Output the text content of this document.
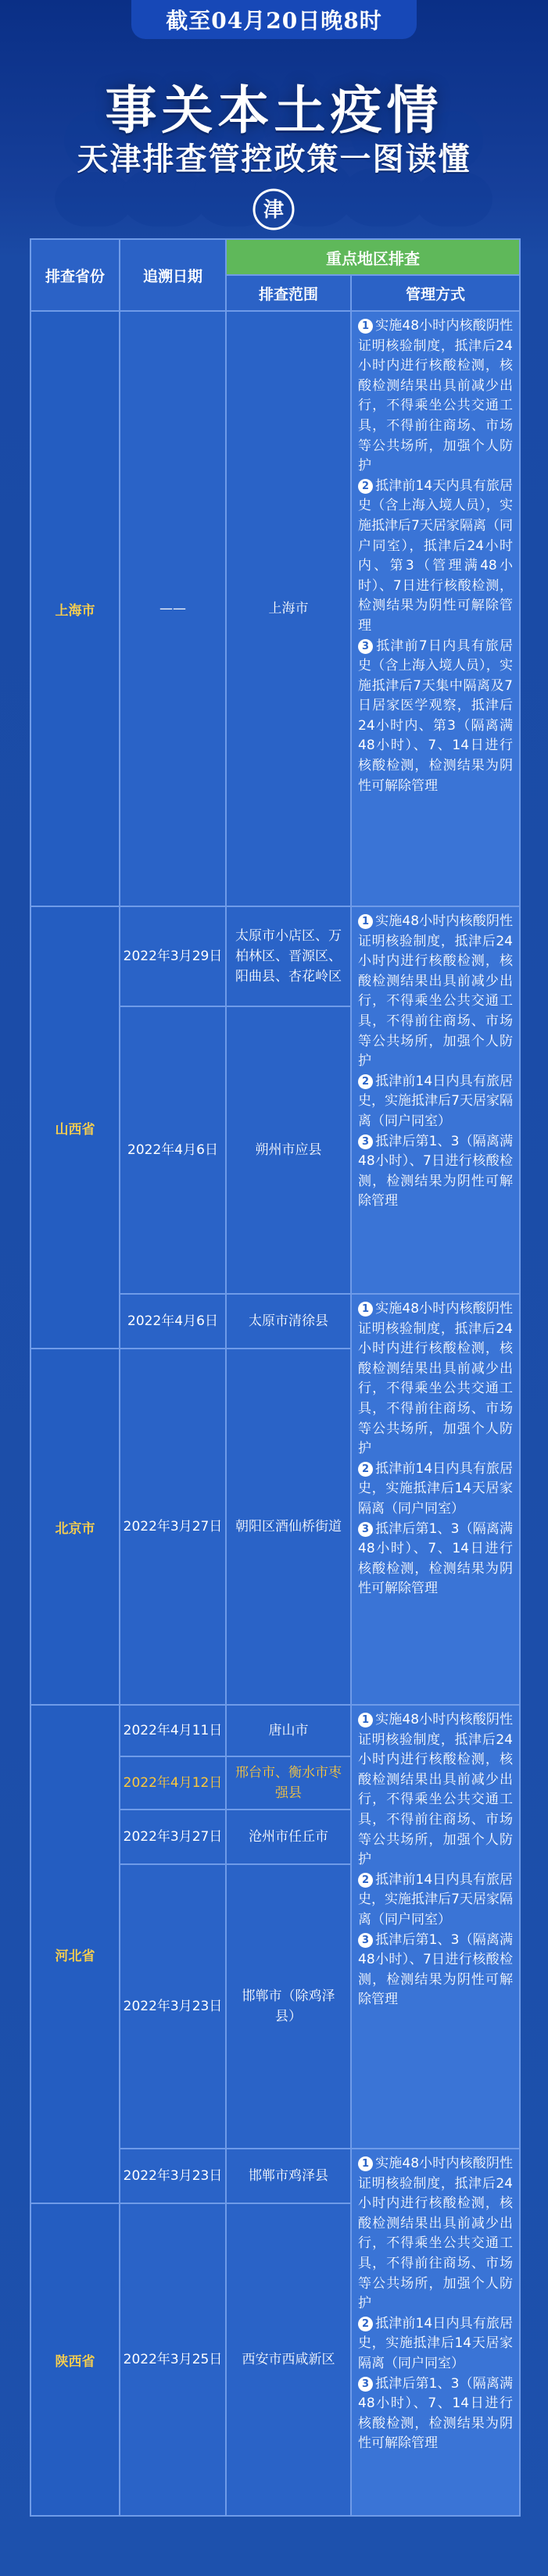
截至04月20日晚8时
事关本土疫情
天津排查管控政策一图读懂
津
排查省份	追溯日期	重点地区排查	
		排查范围	管理方式
上海市	——	上海市	1 实施48小时内核酸阴性证明核验制度，抵津后24小时内进行核酸检测，核酸检测结果出具前减少出行，不得乘坐公共交通工具，不得前往商场、市场等公共场所，加强个人防护

2 抵津前14天内具有旅居史（含上海入境人员），实施抵津后7天居家隔离（同户同室），抵津后24小时内、第3（管理满48小时）、7日进行核酸检测，检测结果为阴性可解除管理

3 抵津前7日内具有旅居史（含上海入境人员），实施抵津后7天集中隔离及7日居家医学观察，抵津后24小时内、第3（隔离满48小时）、7、14日进行核酸检测，检测结果为阴性可解除管理

山西省	2022年3月29日	太原市小店区、万柏林区、晋源区、阳曲县、杏花岭区	1 实施48小时内核酸阴性证明核验制度，抵津后24小时内进行核酸检测，核酸检测结果出具前减少出行，不得乘坐公共交通工具，不得前往商场、市场等公共场所，加强个人防护

2 抵津前14日内具有旅居史，实施抵津后7天居家隔离（同户同室）

3 抵津后第1、3（隔离满48小时）、7日进行核酸检测，检测结果为阴性可解除管理

	2022年4月6日	朔州市应县	
	2022年4月6日	太原市清徐县	1 实施48小时内核酸阴性证明核验制度，抵津后24小时内进行核酸检测，核酸检测结果出具前减少出行，不得乘坐公共交通工具，不得前往商场、市场等公共场所，加强个人防护

2 抵津前14日内具有旅居史，实施抵津后14天居家隔离（同户同室）

3 抵津后第1、3（隔离满48小时）、7、14日进行核酸检测，检测结果为阴性可解除管理

北京市	2022年3月27日	朝阳区酒仙桥街道	
河北省	2022年4月11日	唐山市	1 实施48小时内核酸阴性证明核验制度，抵津后24小时内进行核酸检测，核酸检测结果出具前减少出行，不得乘坐公共交通工具，不得前往商场、市场等公共场所，加强个人防护

2 抵津前14日内具有旅居史，实施抵津后7天居家隔离（同户同室）

3 抵津后第1、3（隔离满48小时）、7日进行核酸检测，检测结果为阴性可解除管理

	2022年4月12日	邢台市、衡水市枣强县	
	2022年3月27日	沧州市任丘市	
	2022年3月23日	邯郸市（除鸡泽县）	
	2022年3月23日	邯郸市鸡泽县	1 实施48小时内核酸阴性证明核验制度，抵津后24小时内进行核酸检测，核酸检测结果出具前减少出行，不得乘坐公共交通工具，不得前往商场、市场等公共场所，加强个人防护

2 抵津前14日内具有旅居史，实施抵津后14天居家隔离（同户同室）

3 抵津后第1、3（隔离满48小时）、7、14日进行核酸检测，检测结果为阴性可解除管理

陕西省	2022年3月25日	西安市西咸新区	
